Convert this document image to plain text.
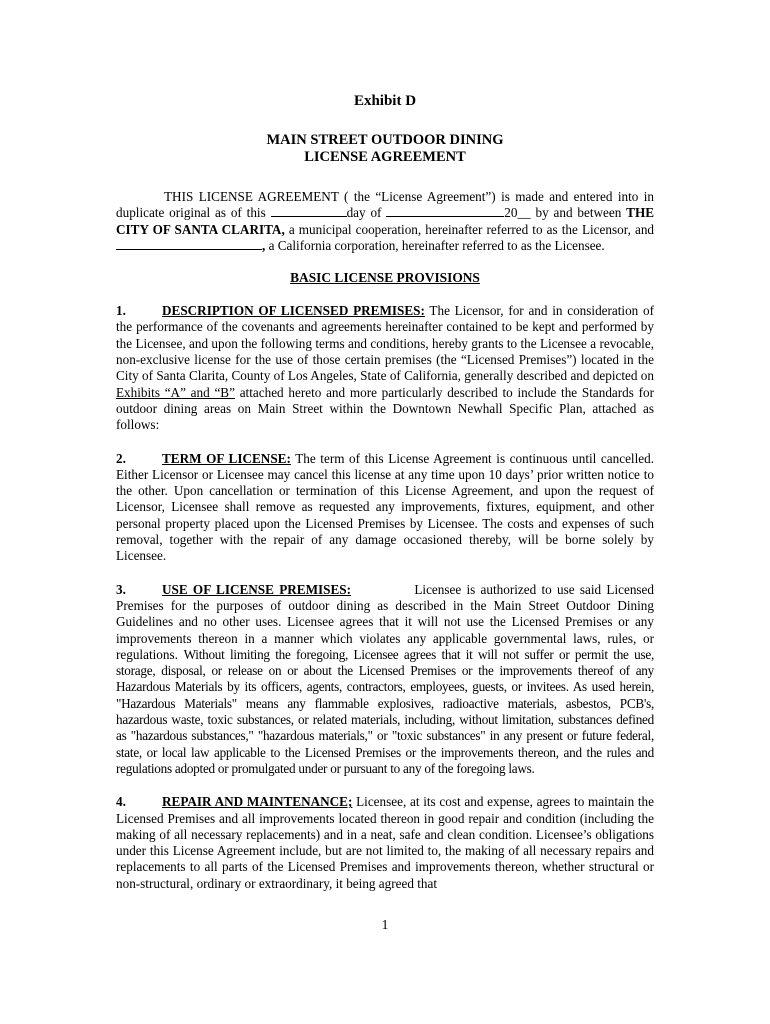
Exhibit D
MAIN STREET OUTDOOR DINING
LICENSE AGREEMENT

THIS LICENSE AGREEMENT ( the “License Agreement”) is made and entered into in duplicate original as of this	day of	20__ by and between THE CITY OF SANTA CLARITA, a municipal cooperation, hereinafter referred to as the Licensor, and , a California corporation, hereinafter referred to as the Licensee.

BASIC LICENSE PROVISIONS

1.	DESCRIPTION OF LICENSED PREMISES: The Licensor, for and in consideration of the performance of the covenants and agreements hereinafter contained to be kept and performed by the Licensee, and upon the following terms and conditions, hereby grants to the Licensee a revocable, non-exclusive license for the use of those certain premises (the “Licensed Premises”) located in the City of Santa Clarita, County of Los Angeles, State of California, generally described and depicted on Exhibits “A” and “B” attached hereto and more particularly described to include the Standards for outdoor dining areas on Main Street within the Downtown Newhall Specific Plan, attached as follows:

2.	TERM OF LICENSE: The term of this License Agreement is continuous until cancelled. Either Licensor or Licensee may cancel this license at any time upon 10 days’ prior written notice to the other. Upon cancellation or termination of this License Agreement, and upon the request of Licensor, Licensee shall remove as requested any improvements, fixtures, equipment, and other personal property placed upon the Licensed Premises by Licensee. The costs and expenses of such removal, together with the repair of any damage occasioned thereby, will be borne solely by Licensee.

3.	USE OF LICENSE PREMISES:            Licensee is authorized to use said Licensed Premises for the purposes of outdoor dining as described in the Main Street Outdoor Dining Guidelines and no other uses. Licensee agrees that it will not use the Licensed Premises or any improvements thereon in a manner which violates any applicable governmental laws, rules, or regulations. Without limiting the foregoing, Licensee agrees that it will not suffer or permit the use, storage, disposal, or release on or about the Licensed Premises or the improvements thereof of any Hazardous Materials by its officers, agents, contractors, employees, guests, or invitees. As used herein, "Hazardous Materials" means any flammable explosives, radioactive materials, asbestos, PCB's, hazardous waste, toxic substances, or related materials, including, without limitation, substances defined as "hazardous substances," "hazardous materials," or "toxic substances" in any present or future federal, state, or local law applicable to the Licensed Premises or the improvements thereon, and the rules and regulations adopted or promulgated under or pursuant to any of the foregoing laws.

4.	REPAIR AND MAINTENANCE; Licensee, at its cost and expense, agrees to maintain the Licensed Premises and all improvements located thereon in good repair and condition (including the making of all necessary replacements) and in a neat, safe and clean condition. Licensee’s obligations under this License Agreement include, but are not limited to, the making of all necessary repairs and replacements to all parts of the Licensed Premises and improvements thereon, whether structural or non-structural, ordinary or extraordinary, it being agreed that

1
